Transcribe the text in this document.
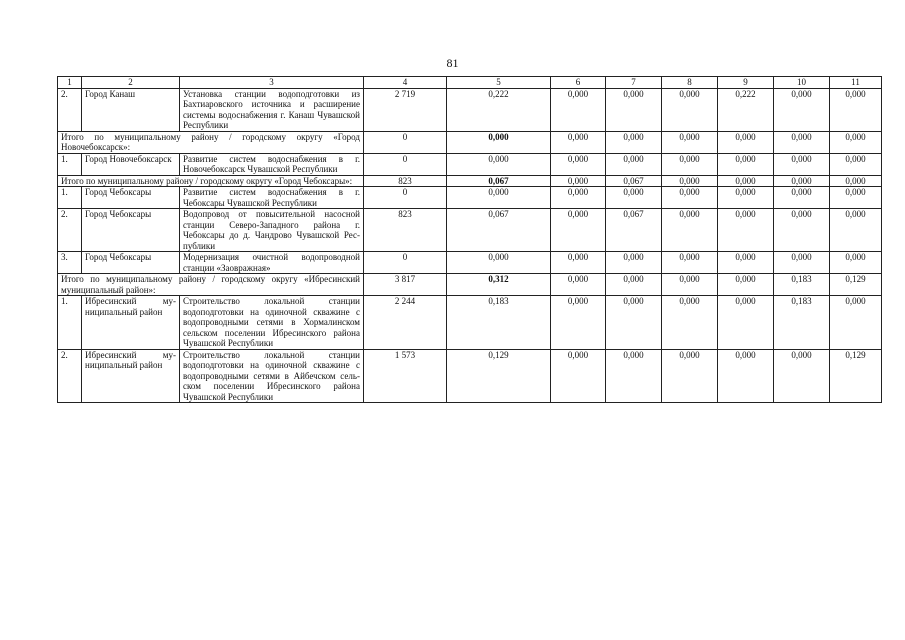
81
1	2	3	4	5	6	7	8	9	10	11
2.	Город Канаш	Установка станции водоподготовки из Бахтиаровского источника и расширение системы водоснабжения г. Канаш Чувашской Республики	2 719	0,222	0,000	0,000	0,000	0,222	0,000	0,000
Итого по муниципальному району / городскому округу «Город Новочебоксарск»:			0	0,000	0,000	0,000	0,000	0,000	0,000	0,000
1.	Город Новочебоксарск	Развитие систем водоснабжения в г. Новочебоксарск Чувашской Республики	0	0,000	0,000	0,000	0,000	0,000	0,000	0,000
Итого по муниципальному району / городскому округу «Город Чебоксары»:			823	0,067	0,000	0,067	0,000	0,000	0,000	0,000
1.	Город Чебоксары	Развитие систем водоснабжения в г. Чебоксары Чувашской Республики	0	0,000	0,000	0,000	0,000	0,000	0,000	0,000
2.	Город Чебоксары	Водопровод от повысительной насосной станции Северо-Западного района г. Чебоксары до д. Чандрово Чувашской Республики	823	0,067	0,000	0,067	0,000	0,000	0,000	0,000
3.	Город Чебоксары	Модернизация очистной водопроводной станции «Заовражная»	0	0,000	0,000	0,000	0,000	0,000	0,000	0,000
Итого по муниципальному району / городскому округу «Ибресинский муниципальный район»:			3 817	0,312	0,000	0,000	0,000	0,000	0,183	0,129
1.	Ибресинский муниципальный район	Строительство локальной станции водоподготовки на одиночной скважине с водопроводными сетями в Хормалинском сельском поселении Ибресинского района Чувашской Республики	2 244	0,183	0,000	0,000	0,000	0,000	0,183	0,000
2.	Ибресинский муниципальный район	Строительство локальной станции водоподготовки на одиночной скважине с водопроводными сетями в Айбечском сельском поселении Ибресинского района Чувашской Республики	1 573	0,129	0,000	0,000	0,000	0,000	0,000	0,129
